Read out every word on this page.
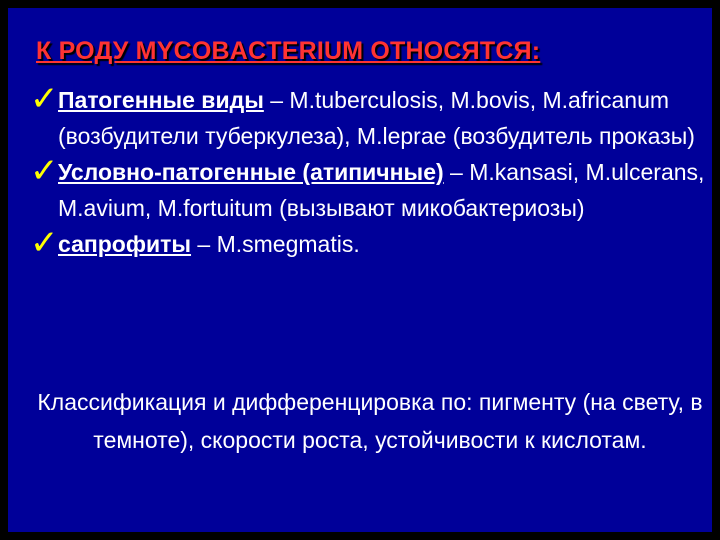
К РОДУ MYCOBACTERIUM ОТНОСЯТСЯ:
✓ Патогенные виды – M.tuberculosis, M.bovis, M.africanum (возбудители туберкулеза), M.leprae (возбудитель проказы)
✓ Условно-патогенные (атипичные) – M.kansasi, M.ulcerans, M.avium, M.fortuitum (вызывают микобактериозы)
✓ сапрофиты – M.smegmatis.

Классификация и дифференцировка по: пигменту (на свету, в темноте), скорости роста, устойчивости к кислотам.
